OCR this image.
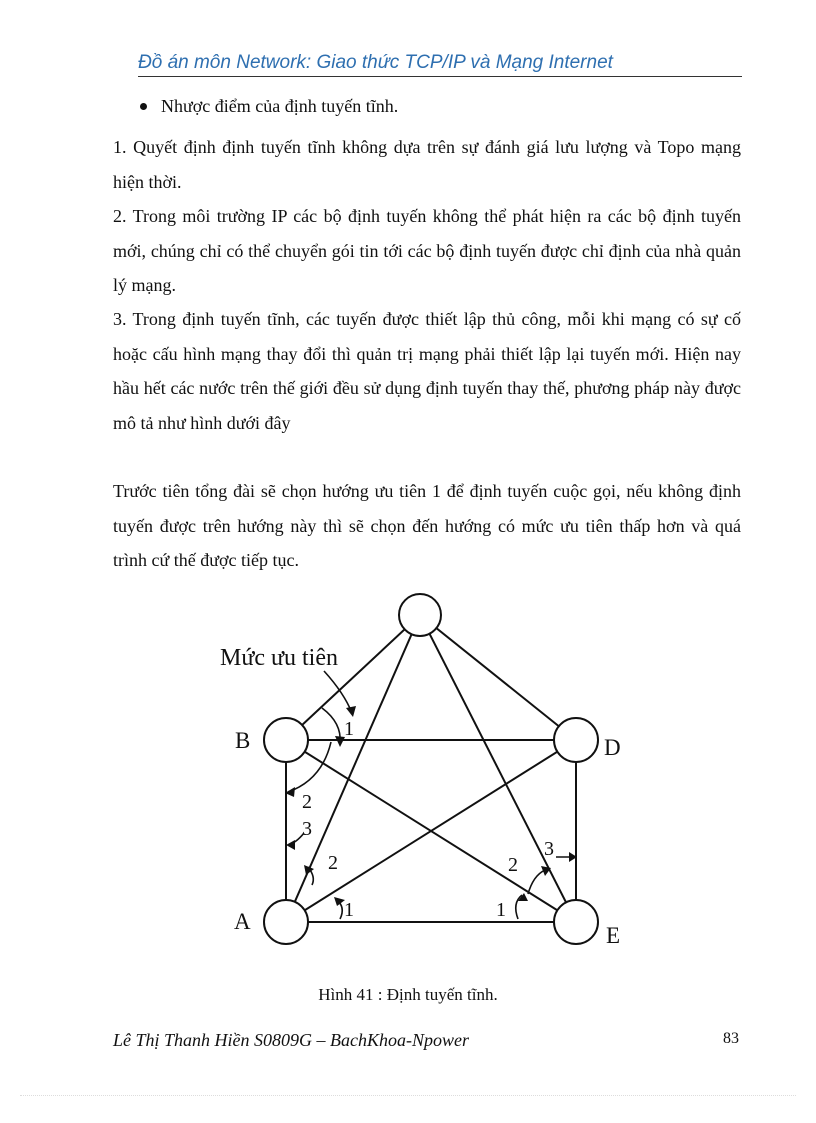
Đồ án môn Network: Giao thức TCP/IP và Mạng Internet
Nhược điểm của định tuyến tĩnh.
1. Quyết định định tuyến tĩnh không dựa trên sự đánh giá lưu lượng và Topo mạng hiện thời.
2. Trong môi trường IP các bộ định tuyến không thể phát hiện ra các bộ định tuyến mới, chúng chỉ có thể chuyển gói tin tới các bộ định tuyến được chỉ định của nhà quản lý mạng.
3. Trong định tuyến tĩnh, các tuyến được thiết lập thủ công, mỗi khi mạng có sự cố hoặc cấu hình mạng thay đổi thì quản trị mạng phải thiết lập lại tuyến mới. Hiện nay hầu hết các nước trên thế giới đều sử dụng định tuyến thay thế, phương pháp này được mô tả như hình dưới đây
Trước tiên tổng đài sẽ chọn hướng ưu tiên 1 để định tuyến cuộc gọi, nếu không định tuyến được trên hướng này thì sẽ chọn đến hướng có mức ưu tiên thấp hơn và quá trình cứ thế được tiếp tục.
Mức ưu tiên
B	D
A
E
1
2
3
2
1	1
2
3
Hình 41 : Định tuyến tĩnh.
Lê Thị Thanh Hiền S0809G – BachKhoa-Npower	83
